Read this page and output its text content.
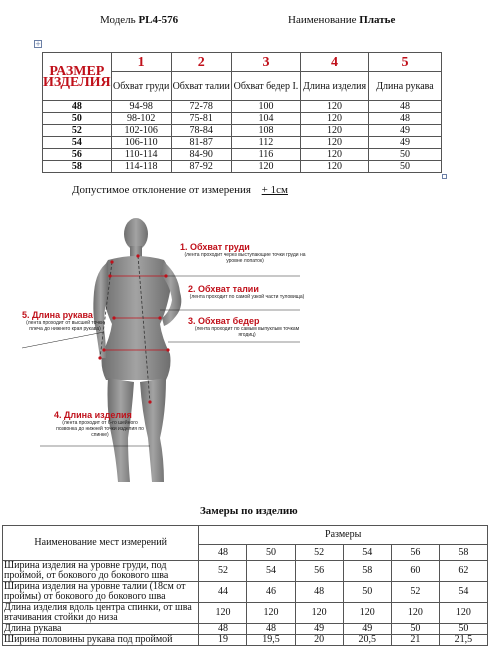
Модель PL4-576	Наименование Платье
+
РАЗМЕР ИЗДЕЛИЯ	1	2	3	4	5
	Обхват груди	Обхват талии	Обхват бедер I.	Длина изделия	Длина рукава
48	94-98	72-78	100	120	48
50	98-102	75-81	104	120	48
52	102-106	78-84	108	120	49
54	106-110	81-87	112	120	49
56	110-114	84-90	116	120	50
58	114-118	87-92	120	120	50
Допустимое отклонение от измерения + 1см
1. Обхват груди
(лента проходит через выступающие точки груди на уровне лопаток)
2. Обхват талии
(лента проходит по самой узкой части туловища)
3. Обхват бедер
(лента проходит по самым выпуклым точкам ягодиц)
5. Длина рукава
(лента проходит от высшей точки плеча до нижнего края рукава)
4. Длина изделия
(лента проходит от 6-го шейного позвонка до нижней точки изделия по спинке)
Замеры по изделию
Наименование мест измерений	Размеры					
	48	50	52	54	56	58
Ширина изделия на уровне груди, под проймой, от бокового до бокового шва	52	54	56	58	60	62
Ширина изделия на уровне талии (18см от проймы) от бокового до бокового шва	44	46	48	50	52	54
Длина изделия вдоль центра спинки, от шва втачивания стойки до низа	120	120	120	120	120	120
Длина рукава	48	48	49	49	50	50
Ширина половины рукава под проймой	19	19,5	20	20,5	21	21,5
